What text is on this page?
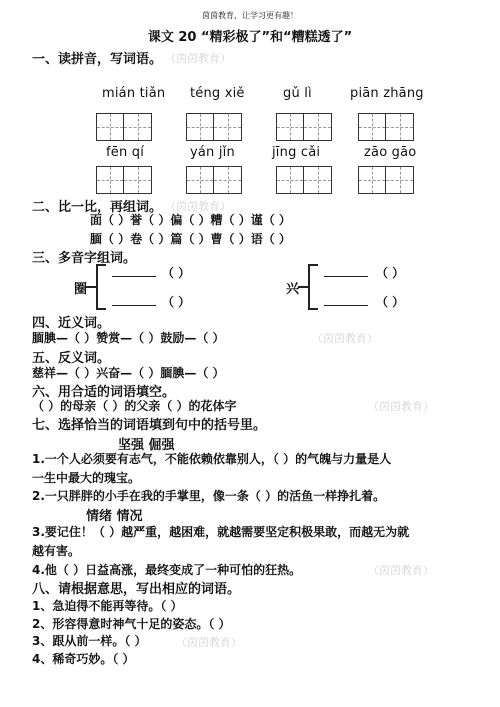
茵茵教育，让学习更有趣！
课文 20 “精彩极了”和“糟糕透了”
一、读拼音，写词语。 （茵茵教育）
mián tiǎn téng xiě	gǔ lì	piān zhāng
fēn qí	yán jǐn	jīng cǎi	zāo gāo
二、比一比，再组词。 （茵茵教育）
面（ ）誉（ ）偏（ ）糟（ ）谨（ ）
腼（ ）卷（ ）篇（ ）曹（ ）语（ ）
三、多音字组词。
圈
（ ）
（ ）
兴
（ ）
（ ）
四、近义词。
腼腆—（ ）赞赏—（ ）鼓励—（ ）	（茵茵教育）
五、反义词。
慈祥—（ ）兴奋—（ ）腼腆—（ ）
六、用合适的词语填空。
（ ）的母亲（ ）的父亲（ ）的花体字	（茵茵教育）
七、选择恰当的词语填到句中的括号里。
坚强 倔强
1.一个人必须要有志气，不能依赖依靠别人，（ ）的气魄与力量是人
一生中最大的瑰宝。
2.一只胖胖的小手在我的手掌里，像一条（ ）的活鱼一样挣扎着。
情绪 情况
3.要记住！（ ）越严重，越困难，就越需要坚定积极果敢，而越无为就
越有害。
4.他（ ）日益高涨，最终变成了一种可怕的狂热。	（茵茵教育）
八、请根据意思，写出相应的词语。
1、急迫得不能再等待。（ ）
2、形容得意时神气十足的姿态。（ ）
3、跟从前一样。（ ）	（茵茵教育）
4、稀奇巧妙。（ ）
